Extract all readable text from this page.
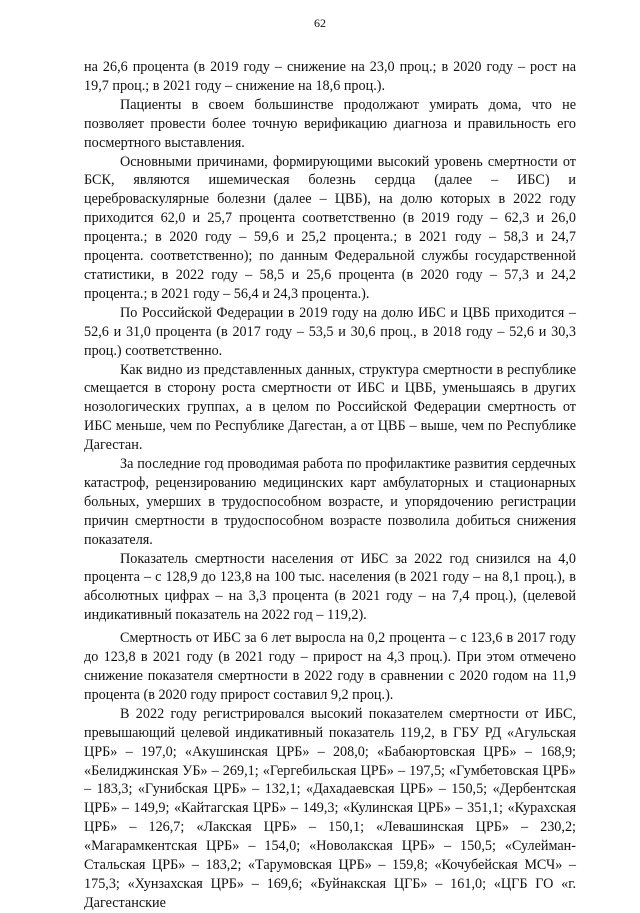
62

на 26,6 процента (в 2019 году – снижение на 23,0 проц.; в 2020 году – рост на 19,7 проц.; в 2021 году – снижение на 18,6 проц.).

Пациенты в своем большинстве продолжают умирать дома, что не позволяет провести более точную верификацию диагноза и правильность его посмертного выставления.

Основными причинами, формирующими высокий уровень смертности от БСК, являются ишемическая болезнь сердца (далее – ИБС) и цереброваскулярные болезни (далее – ЦВБ), на долю которых в 2022 году приходится 62,0 и 25,7 процента соответственно (в 2019 году – 62,3 и 26,0 процента.; в 2020 году – 59,6 и 25,2 процента.; в 2021 году – 58,3 и 24,7 процента. соответственно); по данным Федеральной службы государственной статистики, в 2022 году – 58,5 и 25,6 процента (в 2020 году – 57,3 и 24,2 процента.; в 2021 году – 56,4 и 24,3 процента.).

По Российской Федерации в 2019 году на долю ИБС и ЦВБ приходится – 52,6 и 31,0 процента (в 2017 году – 53,5 и 30,6 проц., в 2018 году – 52,6 и 30,3 проц.) соответственно.

Как видно из представленных данных, структура смертности в республике смещается в сторону роста смертности от ИБС и ЦВБ, уменьшаясь в других нозологических группах, а в целом по Российской Федерации смертность от ИБС меньше, чем по Республике Дагестан, а от ЦВБ – выше, чем по Республике Дагестан.

За последние год проводимая работа по профилактике развития сердечных катастроф, рецензированию медицинских карт амбулаторных и стационарных больных, умерших в трудоспособном возрасте, и упорядочению регистрации причин смертности в трудоспособном возрасте позволила добиться снижения показателя.

Показатель смертности населения от ИБС за 2022 год снизился на 4,0 процента – с 128,9 до 123,8 на 100 тыс. населения (в 2021 году – на 8,1 проц.), в абсолютных цифрах – на 3,3 процента (в 2021 году – на 7,4 проц.), (целевой индикативный показатель на 2022 год – 119,2).

Смертность от ИБС за 6 лет выросла на 0,2 процента – с 123,6 в 2017 году до 123,8 в 2021 году (в 2021 году – прирост на 4,3 проц.). При этом отмечено снижение показателя смертности в 2022 году в сравнении с 2020 годом на 11,9 процента (в 2020 году прирост составил 9,2 проц.).

В 2022 году регистрировался высокий показателем смертности от ИБС, превышающий целевой индикативный показатель 119,2, в ГБУ РД «Агульская ЦРБ» – 197,0; «Акушинская ЦРБ» – 208,0; «Бабаюртовская ЦРБ» – 168,9; «Белиджинская УБ» – 269,1; «Гергебильская ЦРБ» – 197,5; «Гумбетовская ЦРБ» – 183,3; «Гунибская ЦРБ» – 132,1; «Дахадаевская ЦРБ» – 150,5; «Дербентская ЦРБ» – 149,9; «Кайтагская ЦРБ» – 149,3; «Кулинская ЦРБ» – 351,1; «Курахская ЦРБ» – 126,7; «Лакская ЦРБ» – 150,1; «Левашинская ЦРБ» – 230,2; «Магарамкентская ЦРБ» – 154,0; «Новолакская ЦРБ» – 150,5; «Сулейман-Стальская ЦРБ» – 183,2; «Тарумовская ЦРБ» – 159,8; «Кочубейская МСЧ» – 175,3; «Хунзахская ЦРБ» – 169,6; «Буйнакская ЦГБ» – 161,0; «ЦГБ ГО «г. Дагестанские
